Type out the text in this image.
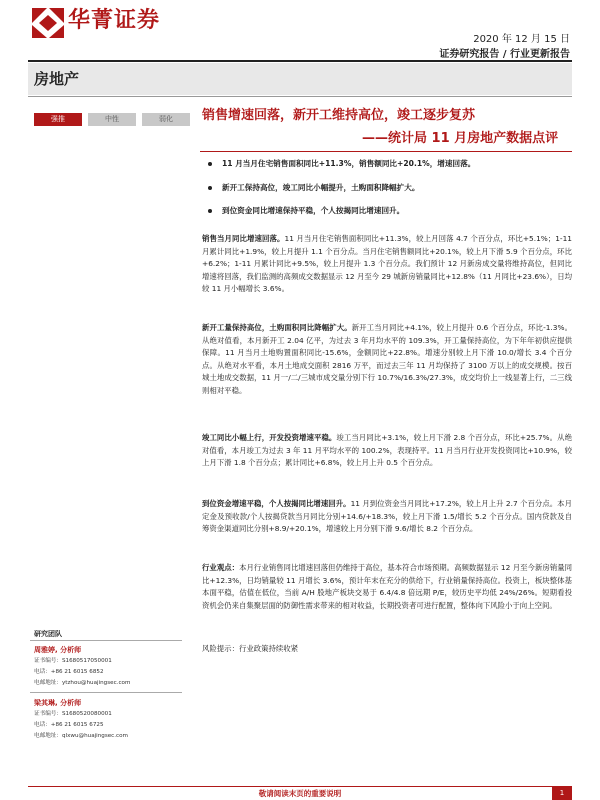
华菁证券
2020 年 12 月 15 日
证券研究报告 / 行业更新报告
房地产
强推	中性	弱化	销售增速回落，新开工维持高位，竣工逐步复苏
——统计局 11 月房地产数据点评
11 月当月住宅销售面积同比+11.3%，销售额同比+20.1%，增速回落。
新开工保持高位，竣工同比小幅提升，土购面积降幅扩大。
到位资金同比增速保持平稳，个人按揭同比增速回升。
销售当月同比增速回落。11 月当月住宅销售面积同比+11.3%，较上月回落 4.7 个百分点，环比+5.1%；1-11 月累计同比+1.9%，较上月提升 1.1 个百分点。当月住宅销售额同比+20.1%，较上月下滑 5.9 个百分点，环比+6.2%；1-11 月累计同比+9.5%，较上月提升 1.3 个百分点。我们预计 12 月新房成交量将维持高位，但同比增速将回落，我们监测的高频成交数据显示 12 月至今 29 城新房销量同比+12.8%（11 月同比+23.6%），日均较 11 月小幅增长 3.6%。
新开工量保持高位，土购面积同比降幅扩大。新开工当月同比+4.1%，较上月提升 0.6 个百分点，环比-1.3%。从绝对值看，本月新开工 2.04 亿平，为过去 3 年月均水平的 109.3%，开工量保持高位，为下年年初供应提供保障。11 月当月土地购置面积同比-15.6%，金额同比+22.8%。增速分别较上月下滑 10.0/增长 3.4 个百分点。从绝对水平看，本月土地成交面积 2816 万平，而过去三年 11 月均保持了 3100 万以上的成交规模。按百城土地成交数据，11 月一/二/三城市成交量分别下行 10.7%/16.3%/27.3%，成交均价上一线显著上行，二三线则相对平稳。
竣工同比小幅上行，开发投资增速平稳。竣工当月同比+3.1%，较上月下滑 2.8 个百分点，环比+25.7%。从绝对值看，本月竣工为过去 3 年 11 月平均水平的 100.2%，表现持平。11 月当月行业开发投资同比+10.9%，较上月下滑 1.8 个百分点；累计同比+6.8%，较上月上升 0.5 个百分点。
到位资金增速平稳，个人按揭同比增速回升。11 月到位资金当月同比+17.2%，较上月上升 2.7 个百分点。本月定金及预收款/个人按揭贷款当月同比分别+14.6/+18.3%，较上月下滑 1.5/增长 5.2 个百分点。国内贷款及自筹资金渠道同比分别+8.9/+20.1%，增速较上月分别下滑 9.6/增长 8.2 个百分点。
行业观点：本月行业销售同比增速回落但仍维持于高位，基本符合市场预期。高频数据显示 12 月至今新房销量同比+12.3%，日均销量较 11 月增长 3.6%，预计年末在充分的供给下，行业销量保持高位。投资上，板块整体基本面平稳，估值在低位，当前 A/H 股地产板块交易于 6.4/4.8 倍远期 P/E，较历史平均低 24%/26%。短期看投资机会仍来自集聚层面的防御性需求带来的相对收益，长期投资者可进行配置，整体向下风险小于向上空间。
风险提示：行业政策持续收紧
研究团队
周雅婷, 分析师
证书编号：S1680517050001
电话：+86 21 6015 6852
电邮地址：ytzhou@huajingsec.com
梁其琳, 分析师
证书编号：S1680520080001
电话：+86 21 6015 6725
电邮地址：qlxwu@huajingsec.com
敬请阅读末页的重要说明	1
